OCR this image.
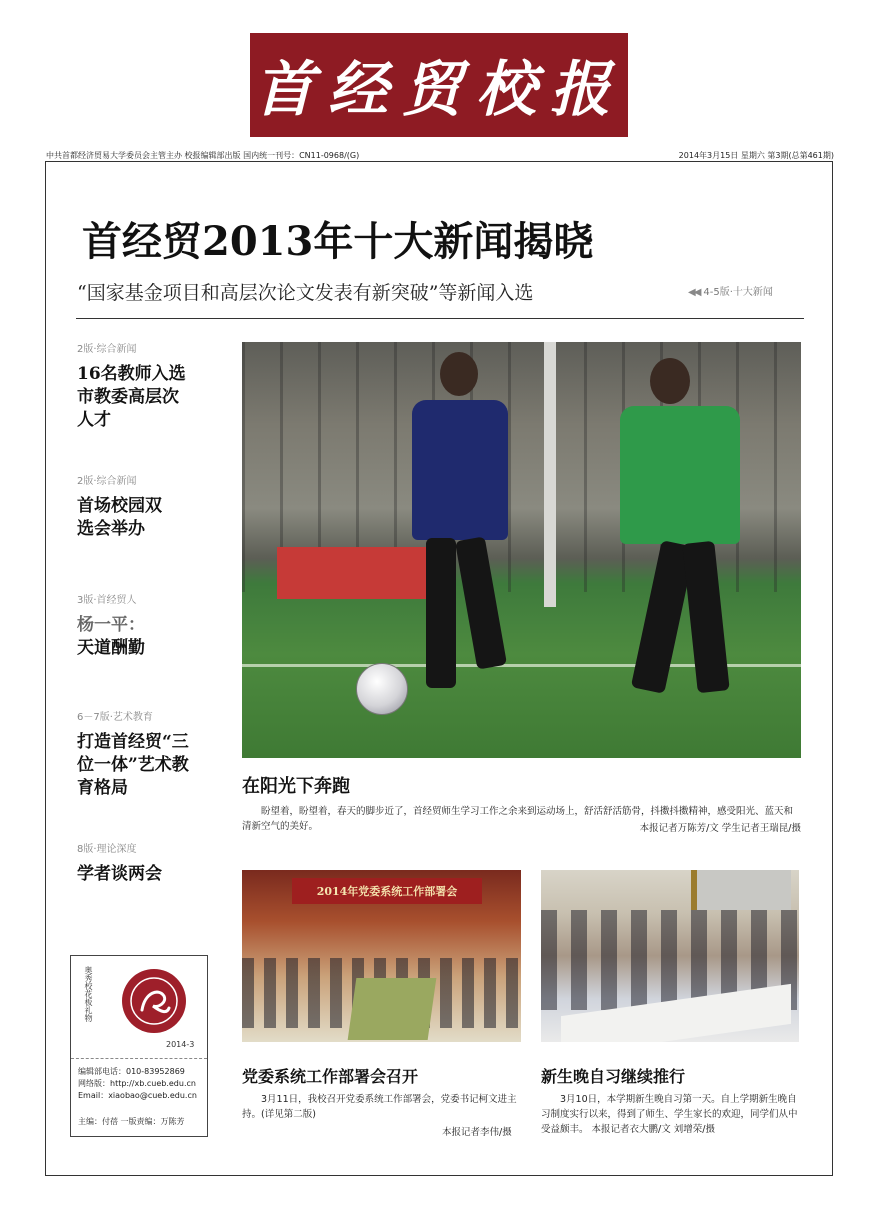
首经贸校报
中共首都经济贸易大学委员会主管主办 校报编辑部出版 国内统一刊号：CN11-0968/(G)	2014年3月15日 星期六 第3期(总第461期)
首经贸2013年十大新闻揭晓
“国家基金项目和高层次论文发表有新突破”等新闻入选	◀◀ 4-5版·十大新闻
2版·综合新闻
16名教师入选市教委高层次人才
2版·综合新闻
首场校园双选会举办
3版·首经贸人
杨一平：
天道酬勤
6－7版·艺术教育
打造首经贸“三位一体”艺术教育格局
8版·理论深度
学者谈两会
在阳光下奔跑
盼望着，盼望着，春天的脚步近了，首经贸师生学习工作之余来到运动场上，舒活舒活筋骨，抖擞抖擞精神，感受阳光、蓝天和清新空气的美好。	本报记者万陈芳/文 学生记者王瑞昆/摄
2014年党委系统工作部署会
党委系统工作部署会召开
3月11日，我校召开党委系统工作部署会，党委书记柯文进主持。(详见第二版)
本报记者李伟/摄
新生晚自习继续推行
3月10日，本学期新生晚自习第一天。自上学期新生晚自习制度实行以来，得到了师生、学生家长的欢迎，同学们从中受益颇丰。 本报记者衣大鹏/文 刘增荣/摄
奥秀校花板礼物
2014-3
编辑部电话：010-83952869
网络版：http://xb.cueb.edu.cn
Email：xiaobao@cueb.edu.cn
主编：付蓓 一版责编：万陈芳
